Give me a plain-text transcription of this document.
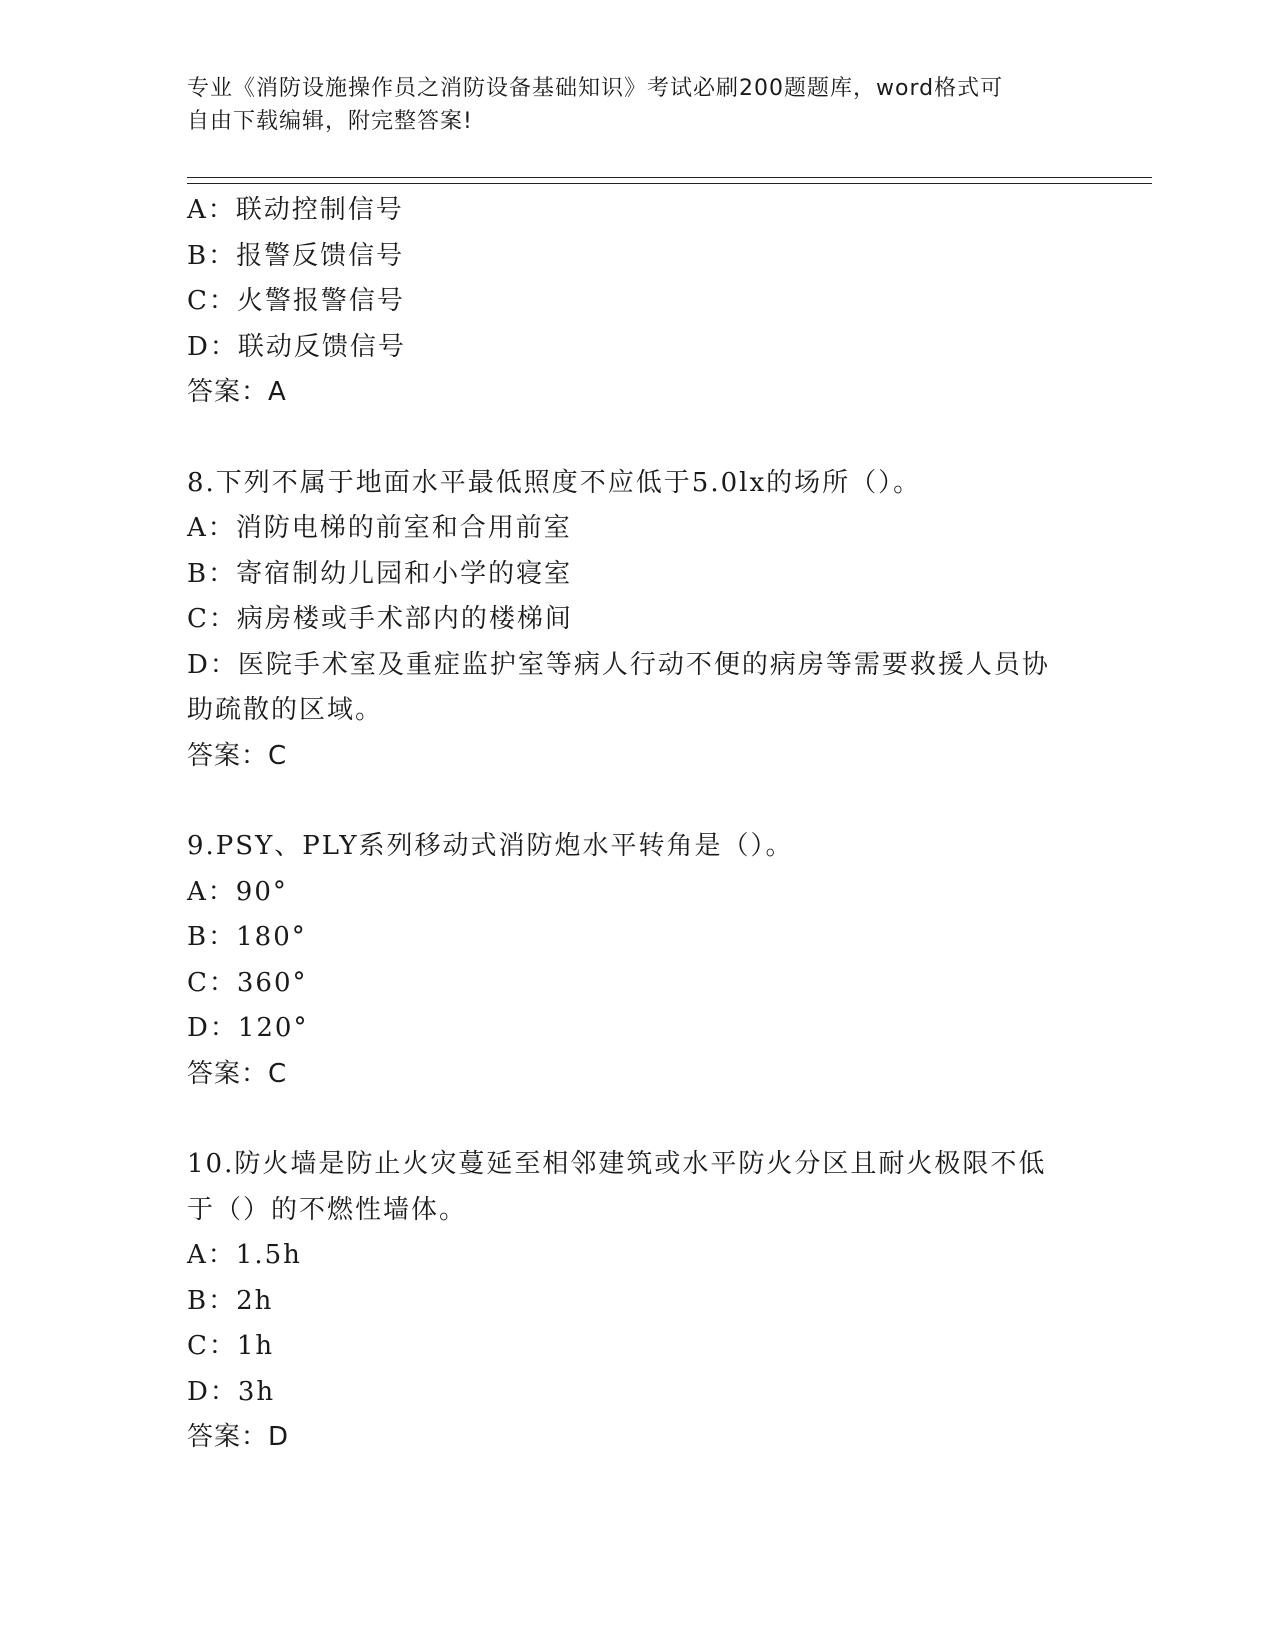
专业《消防设施操作员之消防设备基础知识》考试必刷200题题库，word格式可
自由下载编辑，附完整答案!
A：联动控制信号
B：报警反馈信号
C：火警报警信号
D：联动反馈信号
答案：A
8.下列不属于地面水平最低照度不应低于5.0lx的场所（）。
A：消防电梯的前室和合用前室
B：寄宿制幼儿园和小学的寝室
C：病房楼或手术部内的楼梯间
D：医院手术室及重症监护室等病人行动不便的病房等需要救援人员协
助疏散的区域。
答案：C
9.PSY、PLY系列移动式消防炮水平转角是（）。
A：90°
B：180°
C：360°
D：120°
答案：C
10.防火墙是防止火灾蔓延至相邻建筑或水平防火分区且耐火极限不低
于（）的不燃性墙体。
A：1.5h
B：2h
C：1h
D：3h
答案：D
